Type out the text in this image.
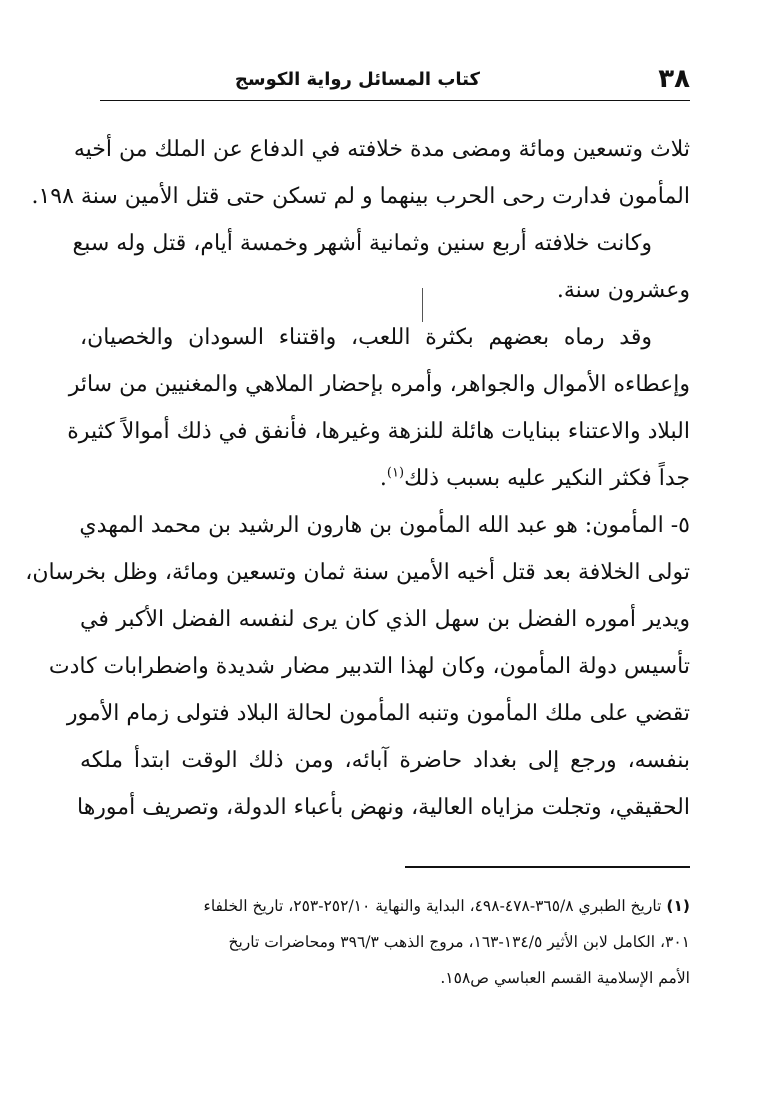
٣٨
كتاب المسائل رواية الكوسج
ثلاث وتسعين ومائة ومضى مدة خلافته في الدفاع عن الملك من أخيه
المأمون فدارت رحى الحرب بينهما و لم تسكن حتى قتل الأمين سنة ١٩٨.
وكانت خلافته أربع سنين وثمانية أشهر وخمسة أيام، قتل وله سبع
وعشرون سنة.
وقد رماه بعضهم بكثرة اللعب، واقتناء السودان والخصيان،
وإعطاءه الأموال والجواهر، وأمره بإحضار الملاهي والمغنيين من سائر
البلاد والاعتناء ببنايات هائلة للنزهة وغيرها، فأنفق في ذلك أموالاً كثيرة
جداً فكثر النكير عليه بسبب ذلك$^{(١)}$.
٥- المأمون: هو عبد الله المأمون بن هارون الرشيد بن محمد المهدي
تولى الخلافة بعد قتل أخيه الأمين سنة ثمان وتسعين ومائة، وظل بخرسان،
ويدير أموره الفضل بن سهل الذي كان يرى لنفسه الفضل الأكبر في
تأسيس دولة المأمون، وكان لهذا التدبير مضار شديدة واضطرابات كادت
تقضي على ملك المأمون وتنبه المأمون لحالة البلاد فتولى زمام الأمور
بنفسه، ورجع إلى بغداد حاضرة آبائه، ومن ذلك الوقت ابتدأ ملكه
الحقيقي، وتجلت مزاياه العالية، ونهض بأعباء الدولة، وتصريف أمورها
(١) تاريخ الطبري ٣٦٥/٨-٤٧٨-٤٩٨، البداية والنهاية ٢٥٢/١٠-٢٥٣، تاريخ الخلفاء
٣٠١، الكامل لابن الأثير ١٣٤/٥-١٦٣، مروج الذهب ٣٩٦/٣ ومحاضرات تاريخ
الأمم الإسلامية القسم العباسي ص١٥٨.
